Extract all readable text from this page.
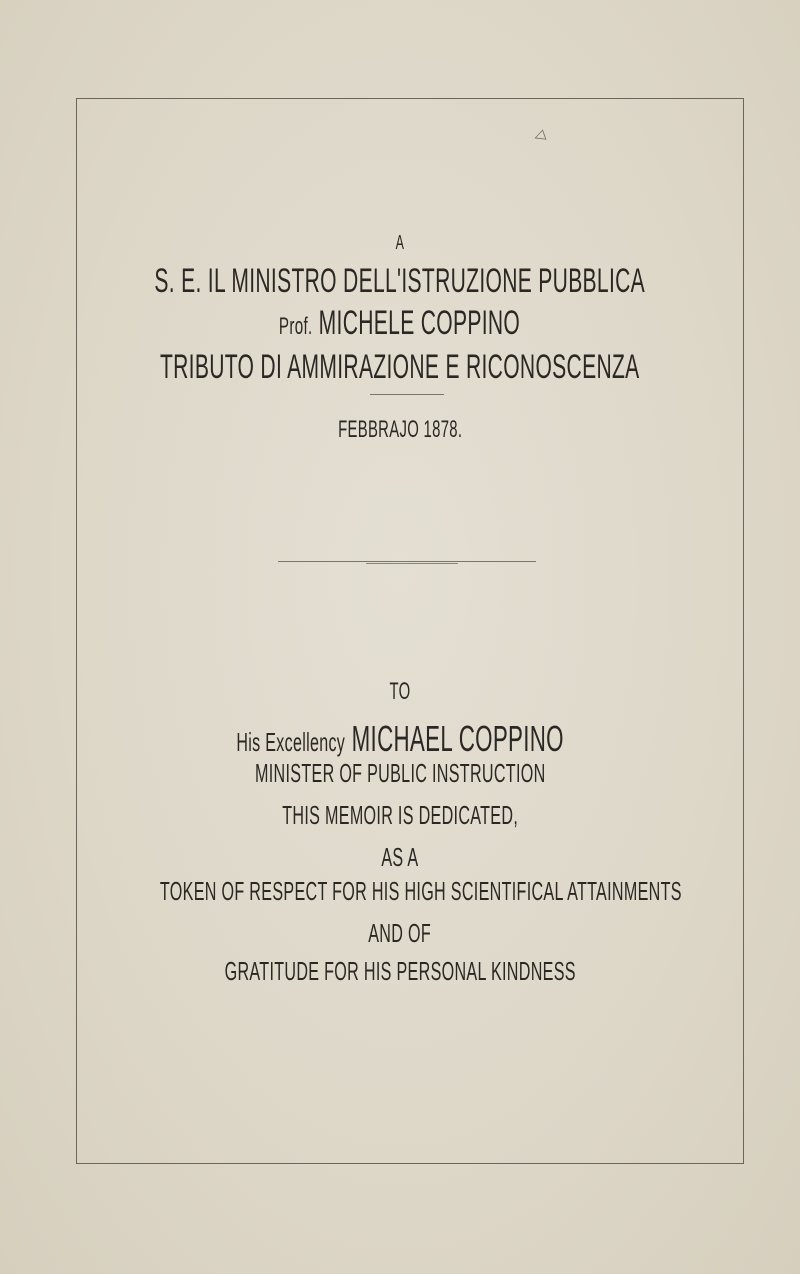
◁
A
S. E. IL MINISTRO DELL'ISTRUZIONE PUBBLICA
Prof. MICHELE COPPINO
TRIBUTO DI AMMIRAZIONE E RICONOSCENZA
FEBBRAJO 1878.
TO
His Excellency MICHAEL COPPINO
MINISTER OF PUBLIC INSTRUCTION
THIS MEMOIR IS DEDICATED,
AS A
TOKEN OF RESPECT FOR HIS HIGH SCIENTIFICAL ATTAINMENTS
AND OF
GRATITUDE FOR HIS PERSONAL KINDNESS
